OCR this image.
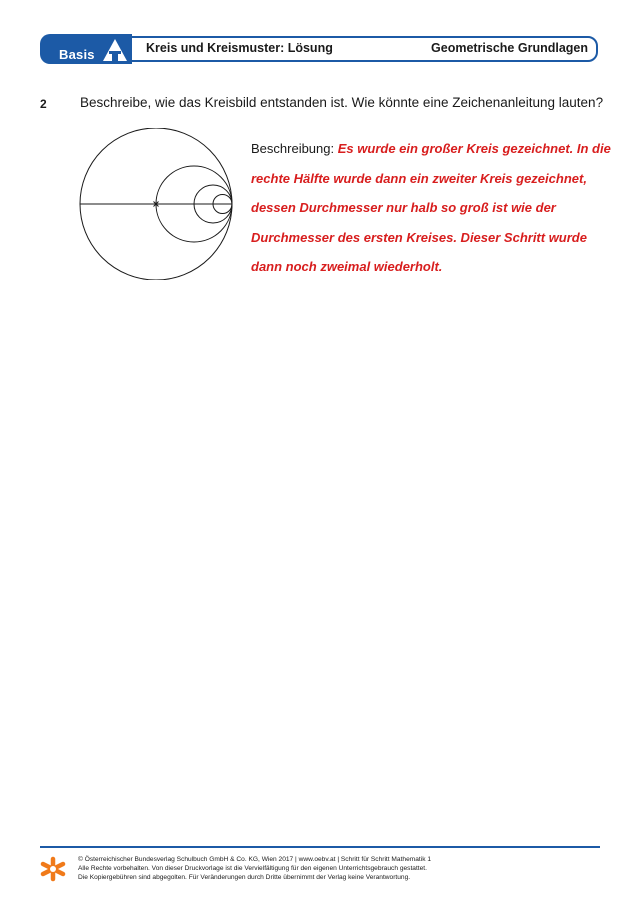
Basis	Kreis und Kreismuster: Lösung	Geometrische Grundlagen
2 Beschreibe, wie das Kreisbild entstanden ist. Wie könnte eine Zeichenanleitung lauten?
Beschreibung: Es wurde ein großer Kreis gezeichnet. In die rechte Hälfte wurde dann ein zweiter Kreis gezeichnet, dessen Durchmesser nur halb so groß ist wie der Durchmesser des ersten Kreises. Dieser Schritt wurde dann noch zweimal wiederholt.
© Österreichischer Bundesverlag Schulbuch GmbH & Co. KG, Wien 2017 | www.oebv.at | Schritt für Schritt Mathematik 1
Alle Rechte vorbehalten. Von dieser Druckvorlage ist die Vervielfältigung für den eigenen Unterrichtsgebrauch gestattet.
Die Kopiergebühren sind abgegolten. Für Veränderungen durch Dritte übernimmt der Verlag keine Verantwortung.
